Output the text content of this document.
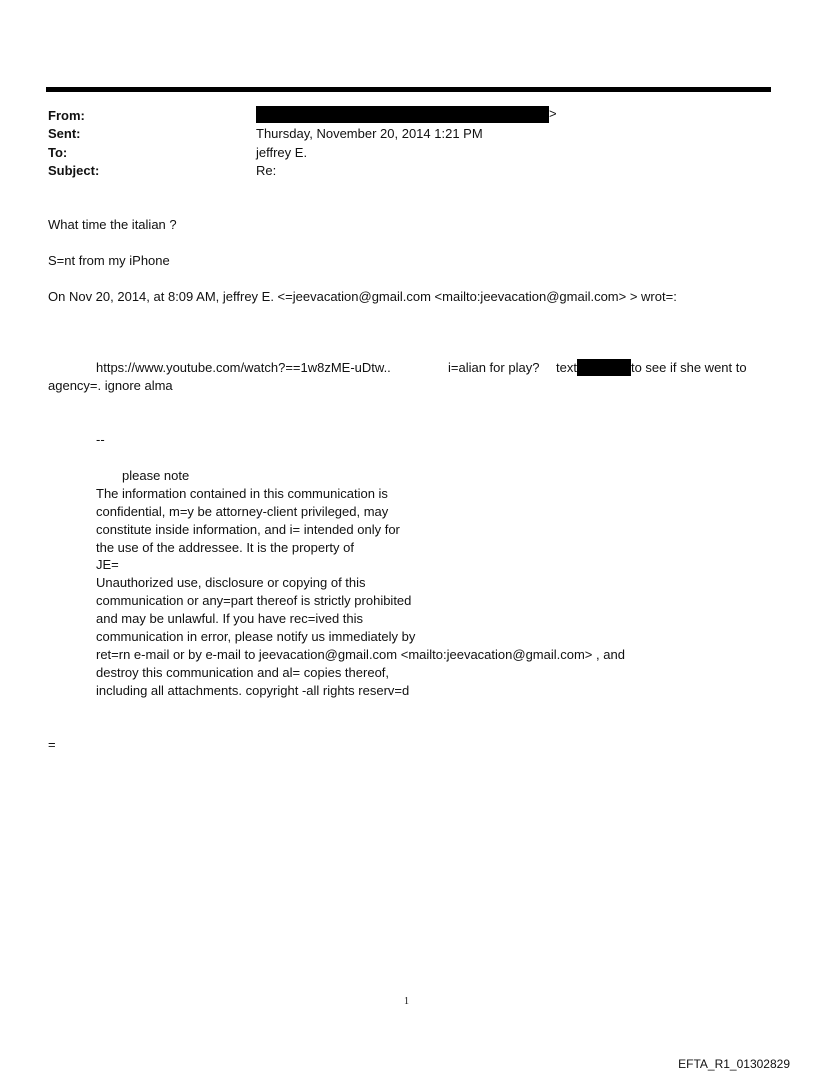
From:	>
Sent:	Thursday, November 20, 2014 1:21 PM
To:	jeffrey E.
Subject:	Re:
What time the italian ?
S=nt from my iPhone
On Nov 20, 2014, at 8:09 AM, jeffrey E. <=jeevacation@gmail.com <mailto:jeevacation@gmail.com> > wrot=:
https://www.youtube.com/watch?==1w8zME-uDtw..	i=alian for play? text	to see if she went to
agency=. ignore alma
--
please note
The information contained in this communication is
confidential, m=y be attorney-client privileged, may
constitute inside information, and i= intended only for
the use of the addressee. It is the property of
JE=
Unauthorized use, disclosure or copying of this
communication or any=part thereof is strictly prohibited
and may be unlawful. If you have rec=ived this
communication in error, please notify us immediately by
ret=rn e-mail or by e-mail to jeevacation@gmail.com <mailto:jeevacation@gmail.com> , and
destroy this communication and al= copies thereof,
including all attachments. copyright -all rights reserv=d
=
1
EFTA_R1_01302829
